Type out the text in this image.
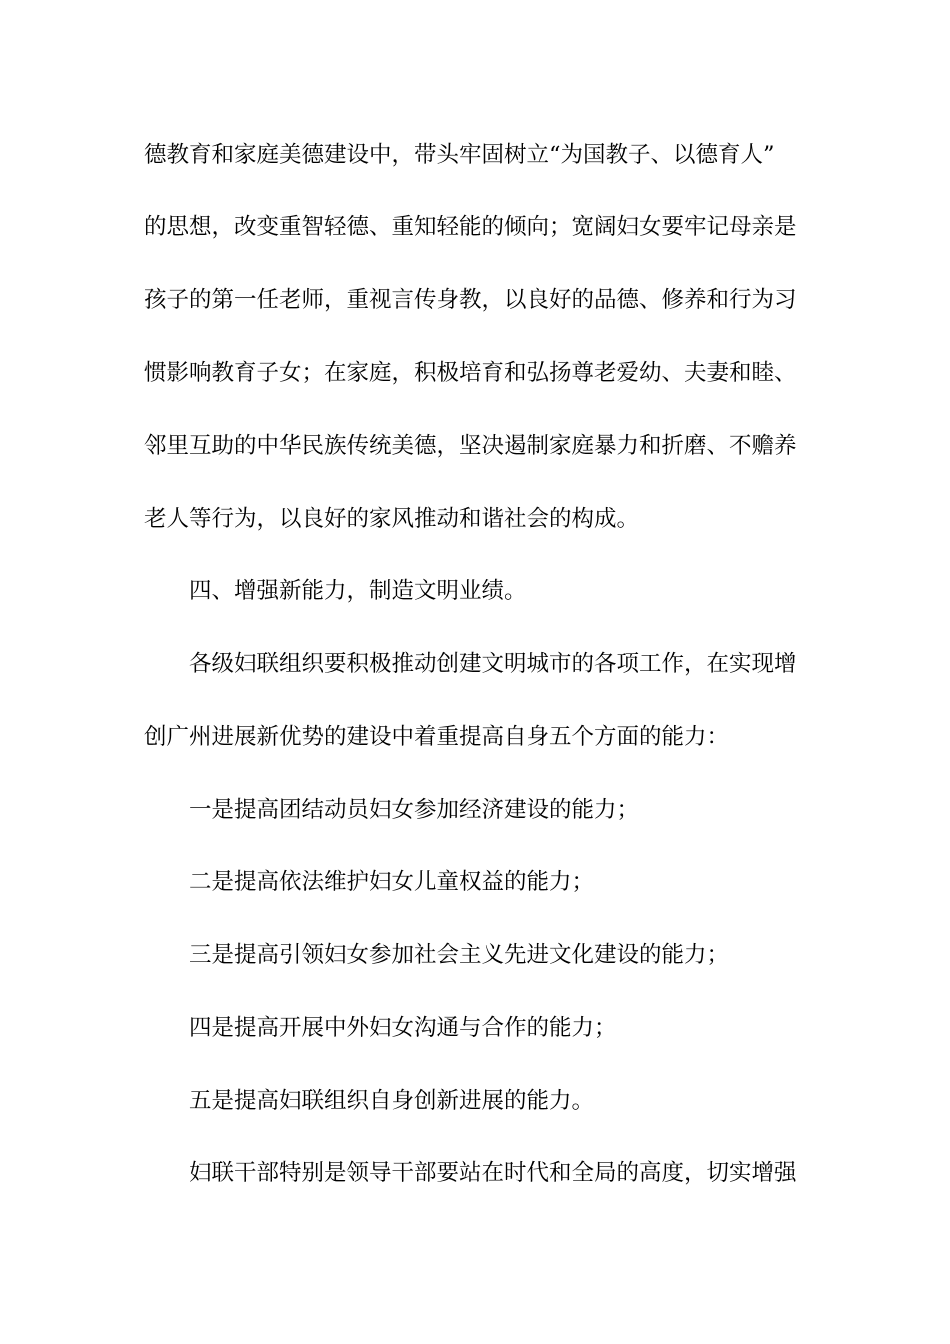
德教育和家庭美德建设中，带头牢固树立“为国教子、以德育人”
的思想，改变重智轻德、重知轻能的倾向；宽阔妇女要牢记母亲是
孩子的第一任老师，重视言传身教，以良好的品德、修养和行为习
惯影响教育子女；在家庭，积极培育和弘扬尊老爱幼、夫妻和睦、
邻里互助的中华民族传统美德，坚决遏制家庭暴力和折磨、不赡养
老人等行为，以良好的家风推动和谐社会的构成。
四、增强新能力，制造文明业绩。
各级妇联组织要积极推动创建文明城市的各项工作，在实现增
创广州进展新优势的建设中着重提高自身五个方面的能力：
一是提高团结动员妇女参加经济建设的能力；
二是提高依法维护妇女儿童权益的能力；
三是提高引领妇女参加社会主义先进文化建设的能力；
四是提高开展中外妇女沟通与合作的能力；
五是提高妇联组织自身创新进展的能力。
妇联干部特别是领导干部要站在时代和全局的高度，切实增强
